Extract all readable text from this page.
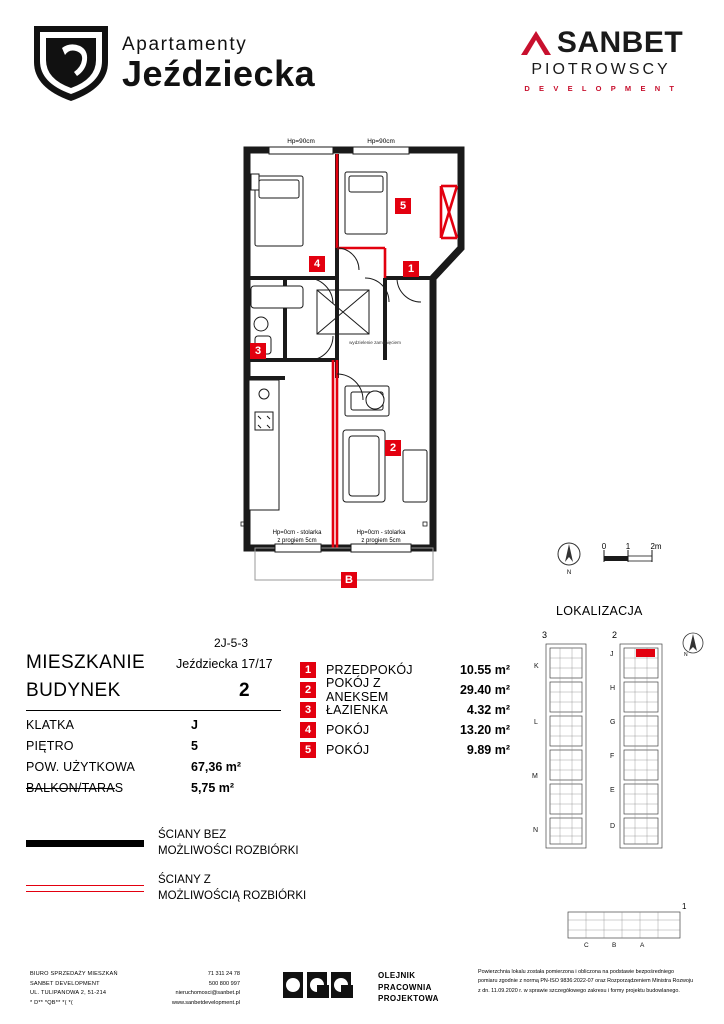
Apartamenty
Jeździecka
SANBET
PIOTROWSCY
D E V E L O P M E N T
Hp=90cm	Hp=90cm
wydzielenie zamknięciem
Hp=0cm - stolarka
z progiem 5cm
Hp=0cm - stolarka
z progiem 5cm
5
4	1
3
2
B
N
0 1	2m
LOKALIZACJA
3	2
N
K
L
M
N
J
H
G
F
E
D
1
C	B	A
2J-5-3
MIESZKANIE	Jeździecka 17/17
BUDYNEK	2
KLATKA	J
PIĘTRO	5
POW. UŻYTKOWA	67,36 m²
BALKON/TARAS	5,75 m²
1	PRZEDPOKÓJ	10.55 m²
2	POKÓJ Z ANEKSEM	29.40 m²
3	ŁAZIENKA	4.32 m²
4	POKÓJ	13.20 m²
5	POKÓJ	9.89 m²
ŚCIANY BEZ
MOŻLIWOŚCI ROZBIÓRKI
ŚCIANY Z
MOŻLIWOŚCIĄ ROZBIÓRKI
BIURO SPRZEDAŻY MIESZKAŃ
SANBET DEVELOPMENT
UL. TULIPANOWA 2, 51-214
* D** *QB** *( *(
71 311 24 78
500 800 997
nieruchomosci@sanbet.pl
www.sanbetdevelopment.pl
OLEJNIK
PRACOWNIA
PROJEKTOWA
Powierzchnia lokalu została pomierzona i obliczona na podstawie bezpośredniego
pomiaru zgodnie z normą PN-ISO 9836:2022-07 oraz Rozporządzeniem Ministra Rozwoju
z dn. 11.09.2020 r. w sprawie szczegółowego zakresu i formy projektu budowlanego.
